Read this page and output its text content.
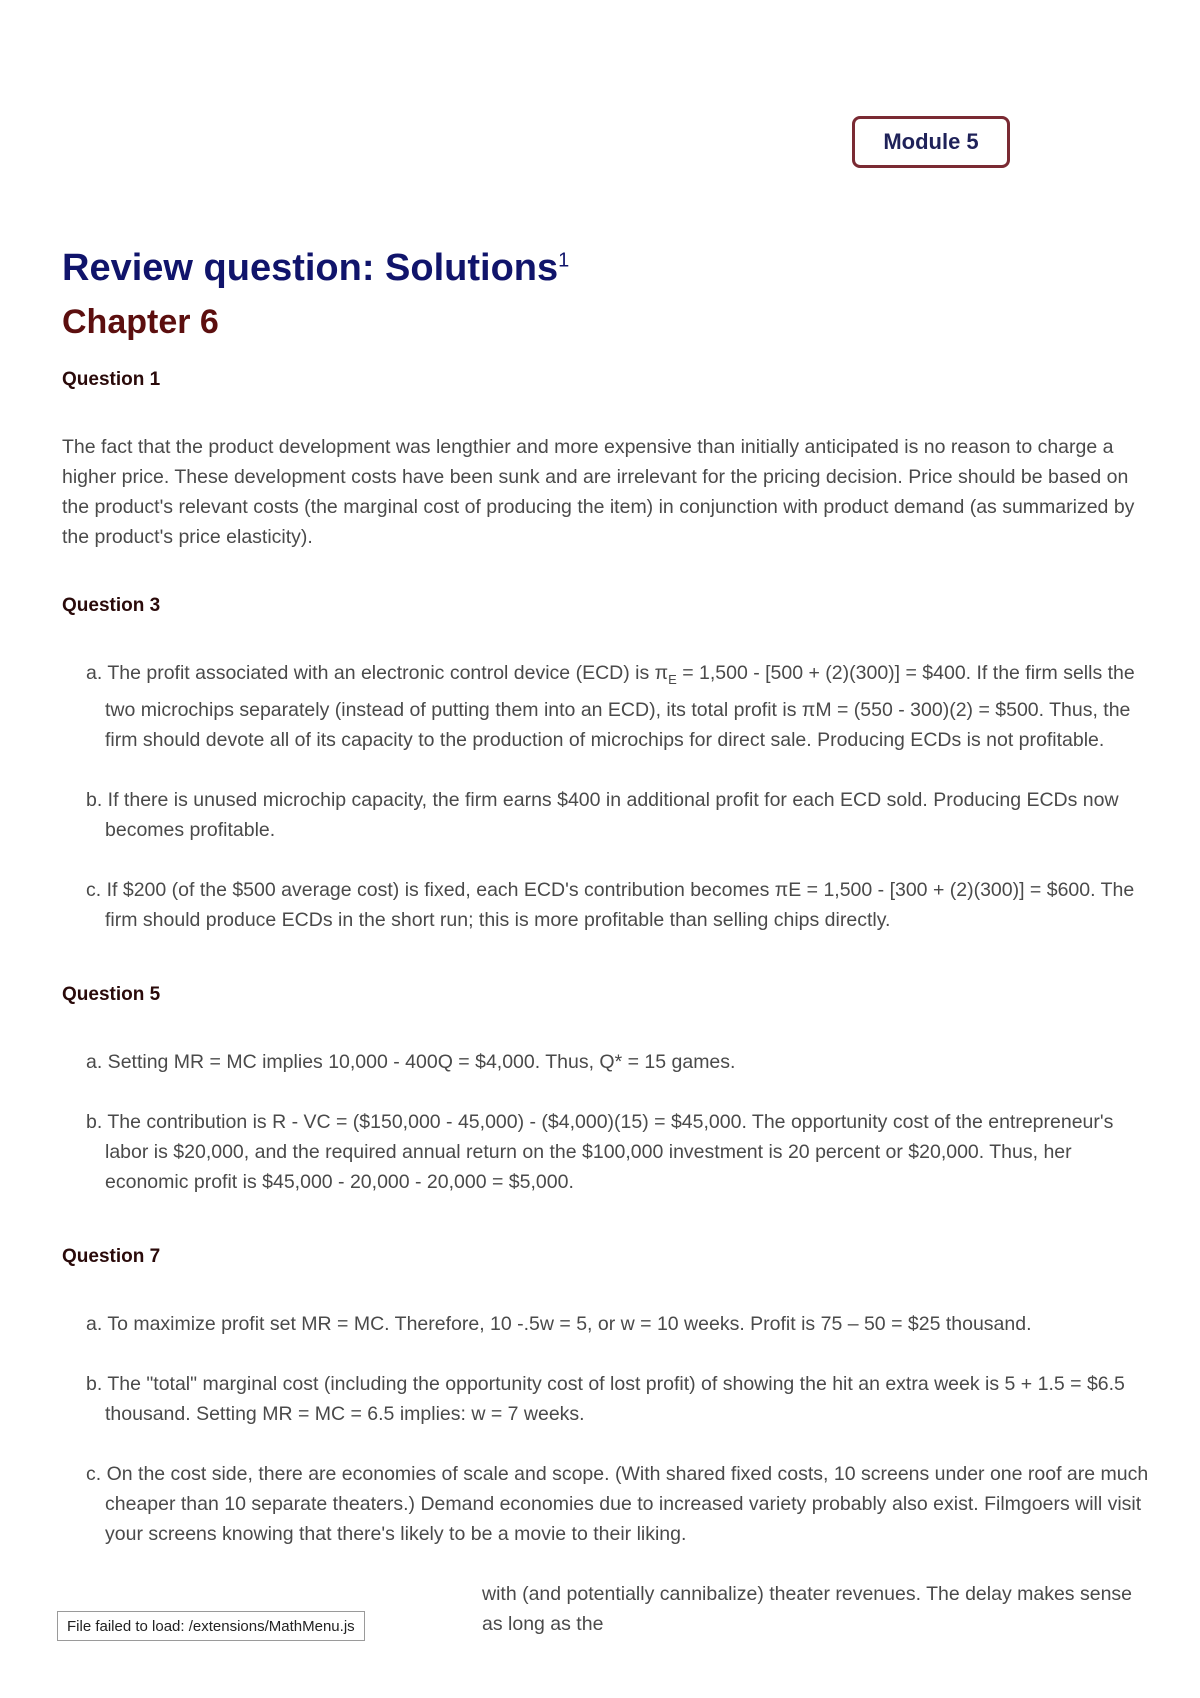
Module 5
Review question: Solutions$^1$
Chapter 6
Question 1

The fact that the product development was lengthier and more expensive than initially anticipated is no reason to charge a higher price. These development costs have been sunk and are irrelevant for the pricing decision. Price should be based on the product's relevant costs (the marginal cost of producing the item) in conjunction with product demand (as summarized by the product's price elasticity).

Question 3
a. The profit associated with an electronic control device (ECD) is $\pi_E = 1,500 - [500 + (2)(300)]$ = $400. If the firm sells the two microchips separately (instead of putting them into an ECD), its total profit is πM = (550 - 300)(2) = $500. Thus, the firm should devote all of its capacity to the production of microchips for direct sale. Producing ECDs is not profitable.
b. If there is unused microchip capacity, the firm earns $400 in additional profit for each ECD sold. Producing ECDs now becomes profitable.
c. If $200 (of the $500 average cost) is fixed, each ECD's contribution becomes πE = 1,500 - [300 + (2)(300)] = $600. The firm should produce ECDs in the short run; this is more profitable than selling chips directly.
Question 5
a. Setting MR = MC implies 10,000 - 400Q = $4,000. Thus, Q* = 15 games.
b. The contribution is R - VC = ($150,000 - 45,000) - ($4,000)(15) = $45,000. The opportunity cost of the entrepreneur's labor is $20,000, and the required annual return on the $100,000 investment is 20 percent or $20,000. Thus, her economic profit is $45,000 - 20,000 - 20,000 = $5,000.
Question 7
a. To maximize profit set MR = MC. Therefore, 10 -.5w = 5, or w = 10 weeks. Profit is 75 – 50 = $25 thousand.
b. The "total" marginal cost (including the opportunity cost of lost profit) of showing the hit an extra week is 5 + 1.5 = $6.5 thousand. Setting MR = MC = 6.5 implies: w = 7 weeks.
c. On the cost side, there are economies of scale and scope. (With shared fixed costs, 10 screens under one roof are much cheaper than 10 separate theaters.) Demand economies due to increased variety probably also exist. Filmgoers will visit your screens knowing that there's likely to be a movie to their liking.
with (and potentially cannibalize) theater revenues. The delay makes sense as long as the
File failed to load: /extensions/MathMenu.js
